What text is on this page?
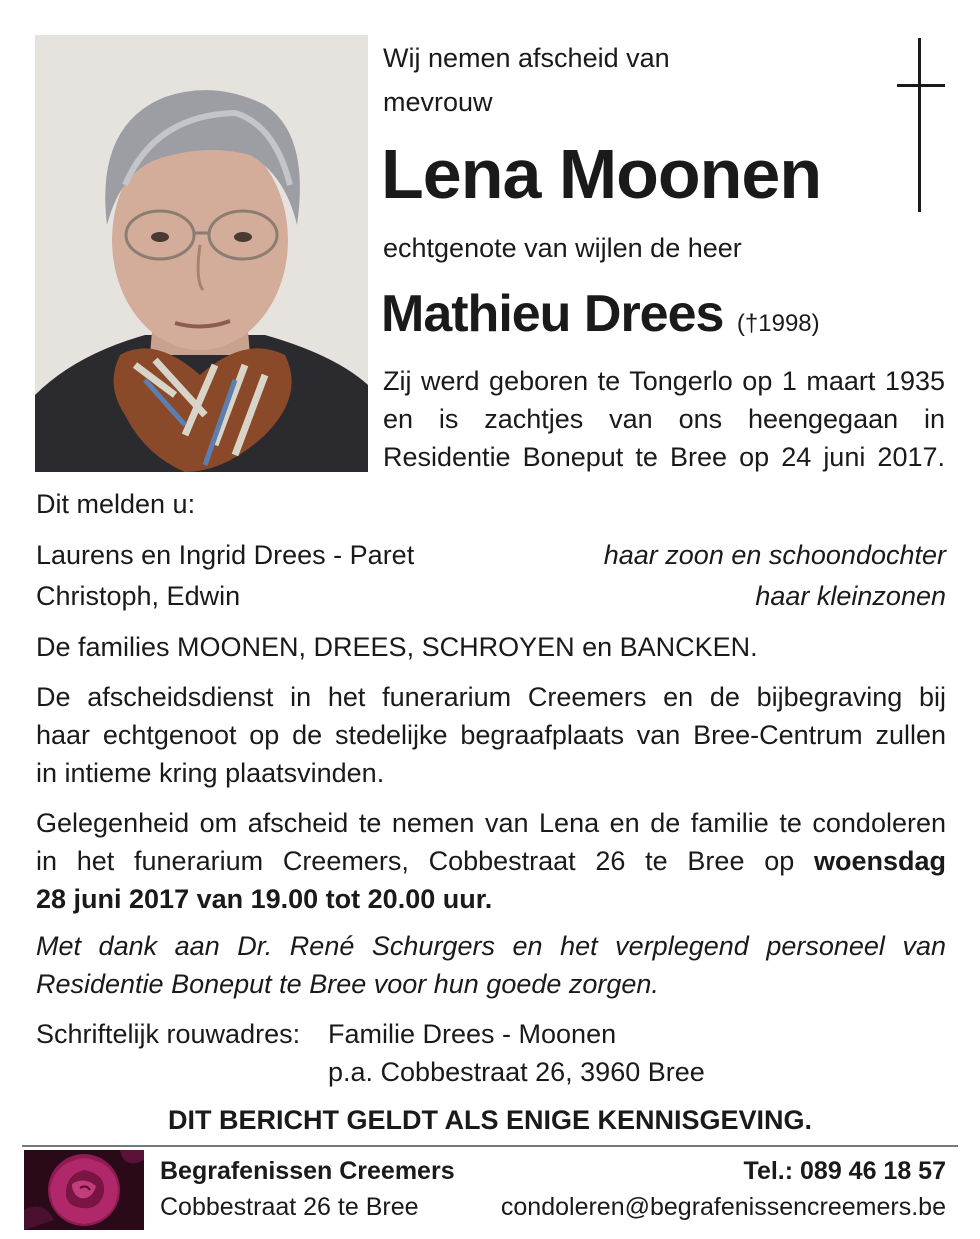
Wij nemen afscheid van
mevrouw
Lena Moonen
echtgenote van wijlen de heer
Mathieu Drees (†1998)
Zij werd geboren te Tongerlo op 1 maart 1935
en is zachtjes van ons heengegaan in
Residentie Boneput te Bree op 24 juni 2017.
Dit melden u:
Laurens en Ingrid Drees - Paret	haar zoon en schoondochter
Christoph, Edwin	haar kleinzonen
De families MOONEN, DREES, SCHROYEN en BANCKEN.
De afscheidsdienst in het funerarium Creemers en de bijbegraving bij
haar echtgenoot op de stedelijke begraafplaats van Bree-Centrum zullen
in intieme kring plaatsvinden.
Gelegenheid om afscheid te nemen van Lena en de familie te condoleren
in het funerarium Creemers, Cobbestraat 26 te Bree op woensdag
28 juni 2017 van 19.00 tot 20.00 uur.
Met dank aan Dr. René Schurgers en het verplegend personeel van
Residentie Boneput te Bree voor hun goede zorgen.
Schriftelijk rouwadres: Familie Drees - Moonen
p.a. Cobbestraat 26, 3960 Bree
DIT BERICHT GELDT ALS ENIGE KENNISGEVING.
Begrafenissen Creemers
Cobbestraat 26 te Bree
Tel.: 089 46 18 57
condoleren@begrafenissencreemers.be
